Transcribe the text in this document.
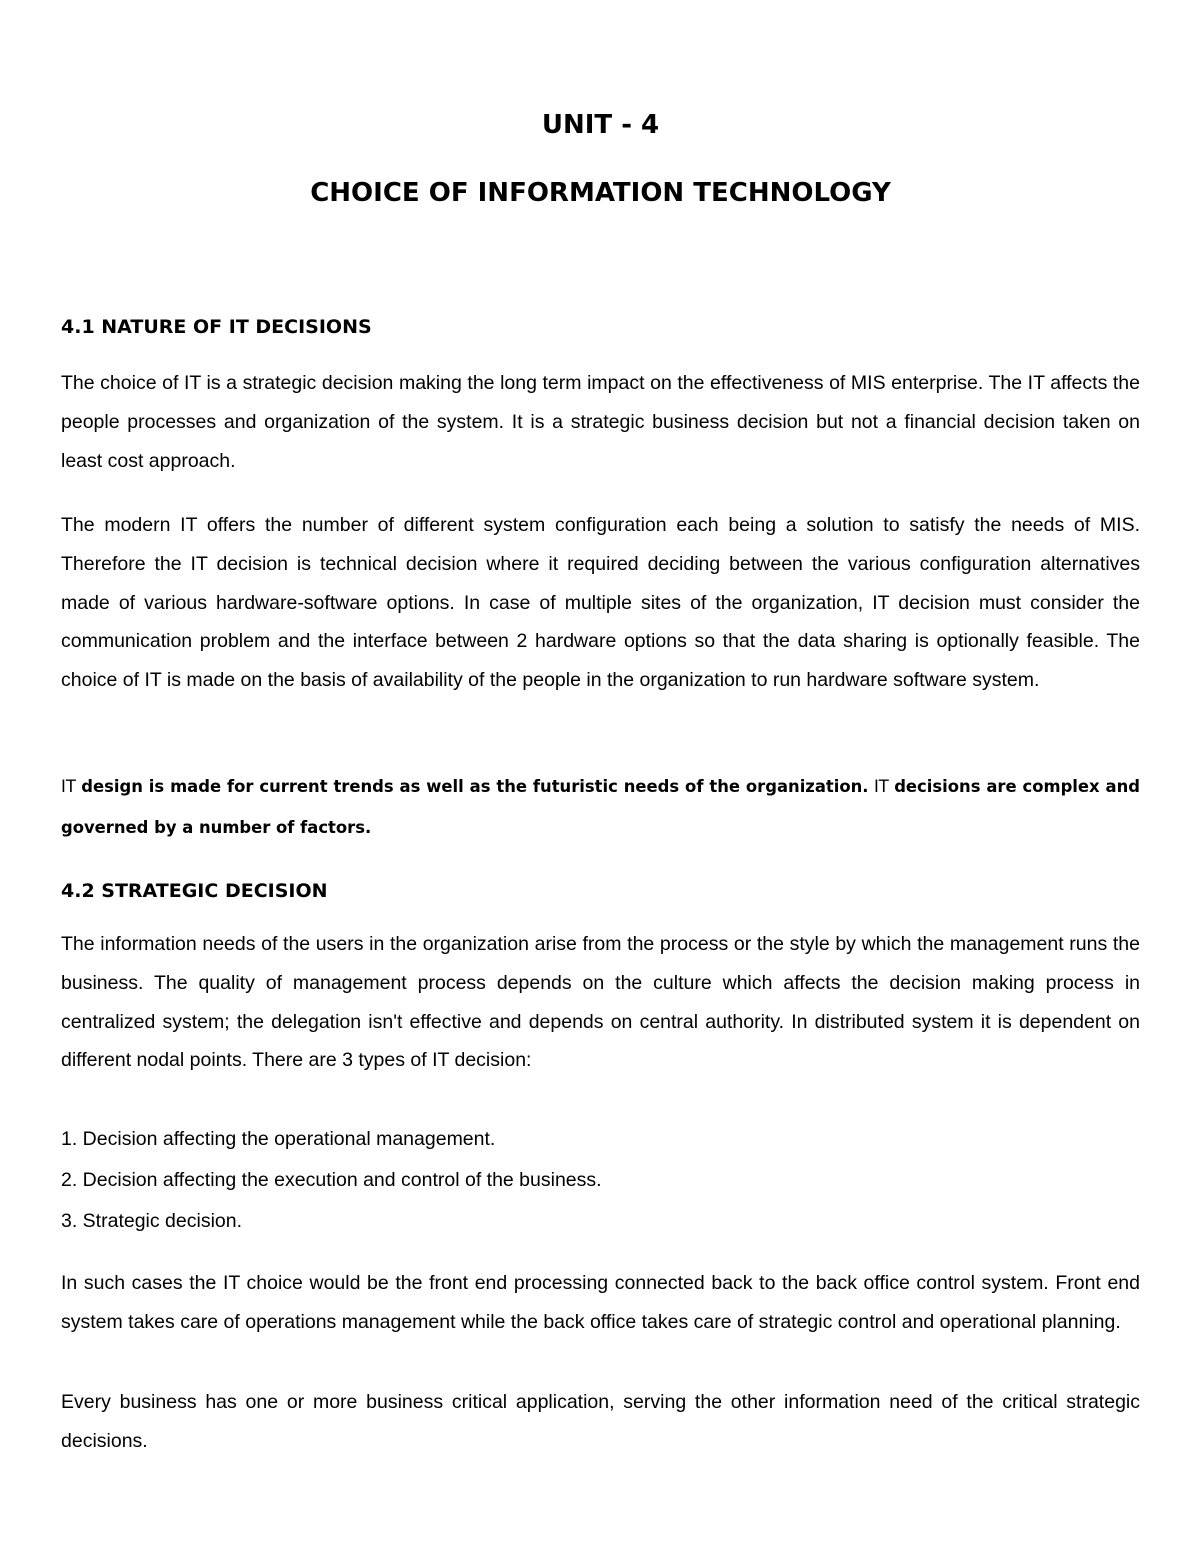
UNIT - 4
CHOICE OF INFORMATION TECHNOLOGY
4.1 NATURE OF IT DECISIONS
The choice of IT is a strategic decision making the long term impact on the effectiveness of MIS enterprise. The IT affects the people processes and organization of the system. It is a strategic business decision but not a financial decision taken on least cost approach.
The modern IT offers the number of different system configuration each being a solution to satisfy the needs of MIS. Therefore the IT decision is technical decision where it required deciding between the various configuration alternatives made of various hardware-software options. In case of multiple sites of the organization, IT decision must consider the communication problem and the interface between 2 hardware options so that the data sharing is optionally feasible. The choice of IT is made on the basis of availability of the people in the organization to run hardware software system.
IT design is made for current trends as well as the futuristic needs of the organization. IT decisions are complex and governed by a number of factors.
4.2 STRATEGIC DECISION
The information needs of the users in the organization arise from the process or the style by which the management runs the business. The quality of management process depends on the culture which affects the decision making process in centralized system; the delegation isn't effective and depends on central authority. In distributed system it is dependent on different nodal points. There are 3 types of IT decision:
1. Decision affecting the operational management.
2. Decision affecting the execution and control of the business.
3. Strategic decision.
In such cases the IT choice would be the front end processing connected back to the back office control system. Front end system takes care of operations management while the back office takes care of strategic control and operational planning.
Every business has one or more business critical application, serving the other information need of the critical strategic decisions.
